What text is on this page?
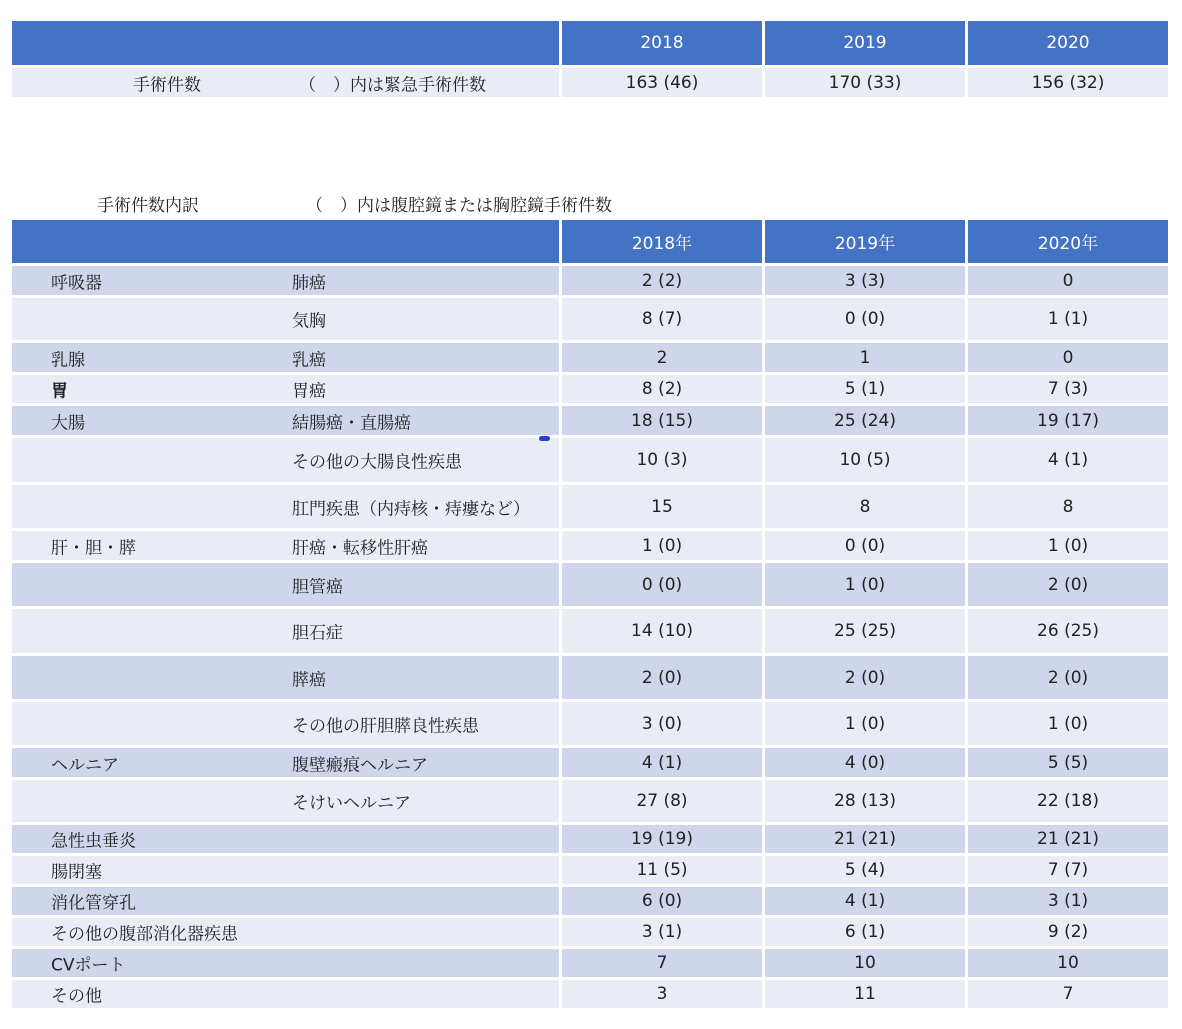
	2018	2019	2020

手術件数 （　）内は緊急手術件数	163 (46)	170 (33)	156 (32)
手術件数内訳	（　）内は腹腔鏡または胸腔鏡手術件数
	2018年	2019年	2020年

呼吸器 肺癌	2 (2)	3 (3)	0

気胸	8 (7)	0 (0)	1 (1)

乳腺 乳癌	2	1	0

胃 胃癌	8 (2)	5 (1)	7 (3)

大腸 結腸癌・直腸癌	18 (15)	25 (24)	19 (17)

その他の大腸良性疾患	10 (3)	10 (5)	4 (1)

肛門疾患（内痔核・痔瘻など）	15	8	8

肝・胆・膵 肝癌・転移性肝癌	1 (0)	0 (0)	1 (0)

胆管癌	0 (0)	1 (0)	2 (0)

胆石症	14 (10)	25 (25)	26 (25)

膵癌	2 (0)	2 (0)	2 (0)

その他の肝胆膵良性疾患	3 (0)	1 (0)	1 (0)

ヘルニア 腹壁瘢痕ヘルニア	4 (1)	4 (0)	5 (5)

そけいヘルニア	27 (8)	28 (13)	22 (18)

急性虫垂炎	19 (19)	21 (21)	21 (21)

腸閉塞	11 (5)	5 (4)	7 (7)

消化管穿孔	6 (0)	4 (1)	3 (1)

その他の腹部消化器疾患	3 (1)	6 (1)	9 (2)

CVポート	7	10	10

その他	3	11	7
